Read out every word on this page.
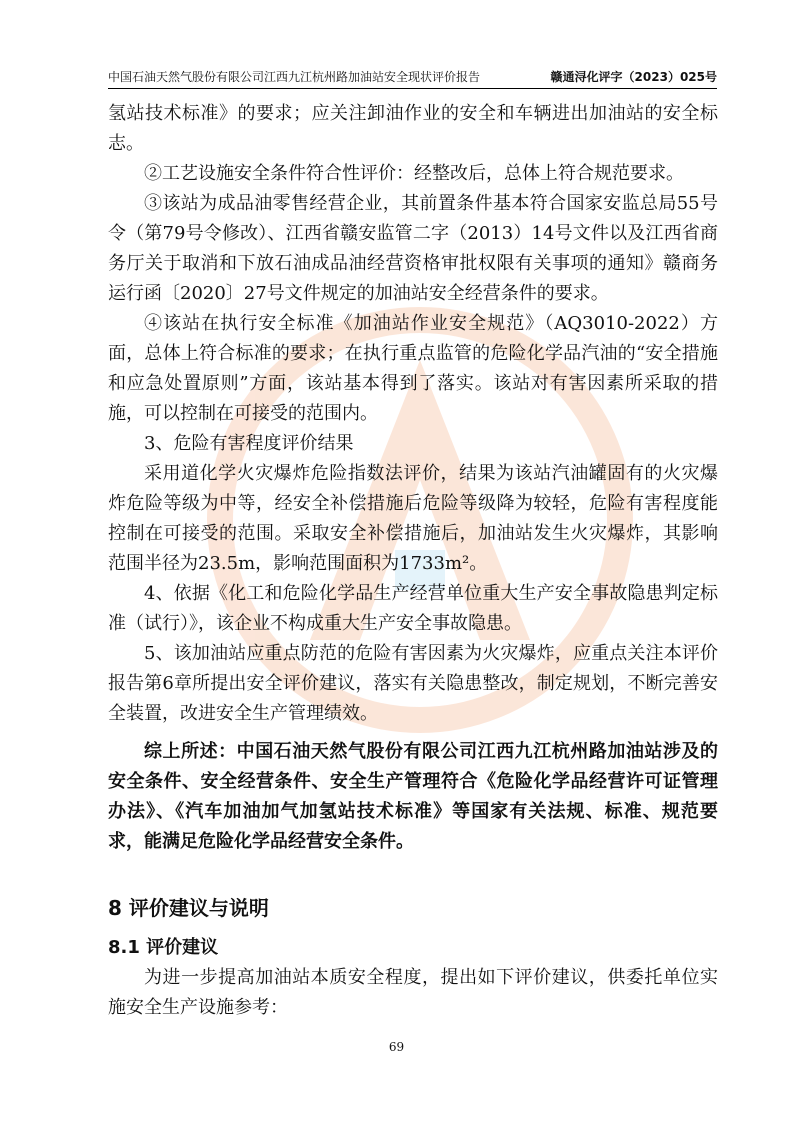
中国石油天然气股份有限公司江西九江杭州路加油站安全现状评价报告	赣通浔化评字（2023）025号

氢站技术标准》的要求；应关注卸油作业的安全和车辆进出加油站的安全标志。

②工艺设施安全条件符合性评价：经整改后，总体上符合规范要求。

③该站为成品油零售经营企业，其前置条件基本符合国家安监总局55号令（第79号令修改）、江西省赣安监管二字（2013）14号文件以及江西省商务厅关于取消和下放石油成品油经营资格审批权限有关事项的通知》赣商务运行函〔2020〕27号文件规定的加油站安全经营条件的要求。

④该站在执行安全标准《加油站作业安全规范》（AQ3010-2022）方面，总体上符合标准的要求；在执行重点监管的危险化学品汽油的“安全措施和应急处置原则”方面，该站基本得到了落实。该站对有害因素所采取的措施，可以控制在可接受的范围内。

3、危险有害程度评价结果

采用道化学火灾爆炸危险指数法评价，结果为该站汽油罐固有的火灾爆炸危险等级为中等，经安全补偿措施后危险等级降为较轻，危险有害程度能控制在可接受的范围。采取安全补偿措施后，加油站发生火灾爆炸，其影响范围半径为23.5m，影响范围面积为1733m²。

4、依据《化工和危险化学品生产经营单位重大生产安全事故隐患判定标准（试行）》，该企业不构成重大生产安全事故隐患。

5、该加油站应重点防范的危险有害因素为火灾爆炸，应重点关注本评价报告第6章所提出安全评价建议，落实有关隐患整改，制定规划，不断完善安全装置，改进安全生产管理绩效。

综上所述：中国石油天然气股份有限公司江西九江杭州路加油站涉及的安全条件、安全经营条件、安全生产管理符合《危险化学品经营许可证管理办法》、《汽车加油加气加氢站技术标准》等国家有关法规、标准、规范要求，能满足危险化学品经营安全条件。

8 评价建议与说明
8.1 评价建议

为进一步提高加油站本质安全程度，提出如下评价建议，供委托单位实施安全生产设施参考：

69
